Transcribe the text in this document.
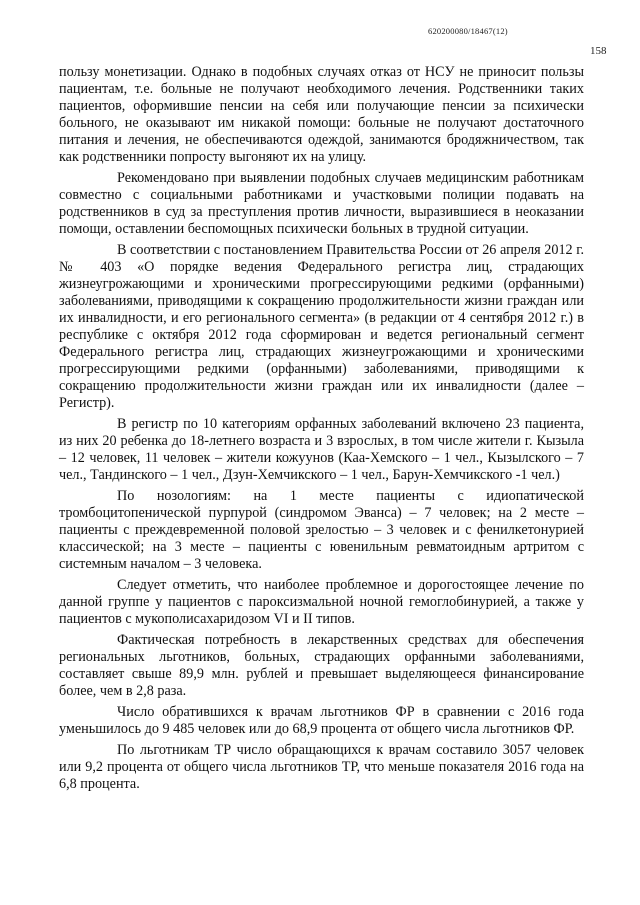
620200080/18467(12)
158

пользу монетизации. Однако в подобных случаях отказ от НСУ не приносит пользы пациентам, т.е. больные не получают необходимого лечения. Родственники таких пациентов, оформившие пенсии на себя или получающие пенсии за психически больного, не оказывают им никакой помощи: больные не получают достаточного питания и лечения, не обеспечиваются одеждой, занимаются бродяжничеством, так как родственники попросту выгоняют их на улицу.

Рекомендовано при выявлении подобных случаев медицинским работникам совместно с социальными работниками и участковыми полиции подавать на родственников в суд за преступления против личности, выразившиеся в неоказании помощи, оставлении беспомощных психически больных в трудной ситуации.

В соответствии с постановлением Правительства России от 26 апреля 2012 г. № 403 «О порядке ведения Федерального регистра лиц, страдающих жизнеугрожающими и хроническими прогрессирующими редкими (орфанными) заболеваниями, приводящими к сокращению продолжительности жизни граждан или их инвалидности, и его регионального сегмента» (в редакции от 4 сентября 2012 г.) в республике с октября 2012 года сформирован и ведется региональный сегмент Федерального регистра лиц, страдающих жизнеугрожающими и хроническими прогрессирующими редкими (орфанными) заболеваниями, приводящими к сокращению продолжительности жизни граждан или их инвалидности (далее – Регистр).

В регистр по 10 категориям орфанных заболеваний включено 23 пациента, из них 20 ребенка до 18-летнего возраста и 3 взрослых, в том числе жители г. Кызыла – 12 человек, 11 человек – жители кожуунов (Каа-Хемского – 1 чел., Кызылского – 7 чел., Тандинского – 1 чел., Дзун-Хемчикского – 1 чел., Барун-Хемчикского -1 чел.)

По нозологиям: на 1 месте пациенты с идиопатической тромбоцитопенической пурпурой (синдромом Эванса) – 7 человек; на 2 месте – пациенты с преждевременной половой зрелостью – 3 человек и с фенилкетонурией классической; на 3 месте – пациенты с ювенильным ревматоидным артритом с системным началом – 3 человека.

Следует отметить, что наиболее проблемное и дорогостоящее лечение по данной группе у пациентов с пароксизмальной ночной гемоглобинурией, а также у пациентов с мукополисахаридозом VI и II типов.

Фактическая потребность в лекарственных средствах для обеспечения региональных льготников, больных, страдающих орфанными заболеваниями, составляет свыше 89,9 млн. рублей и превышает выделяющееся финансирование более, чем в 2,8 раза.

Число обратившихся к врачам льготников ФР в сравнении с 2016 года уменьшилось до 9 485 человек или до 68,9 процента от общего числа льготников ФР.

По льготникам ТР число обращающихся к врачам составило 3057 человек или 9,2 процента от общего числа льготников ТР, что меньше показателя 2016 года на 6,8 процента.
